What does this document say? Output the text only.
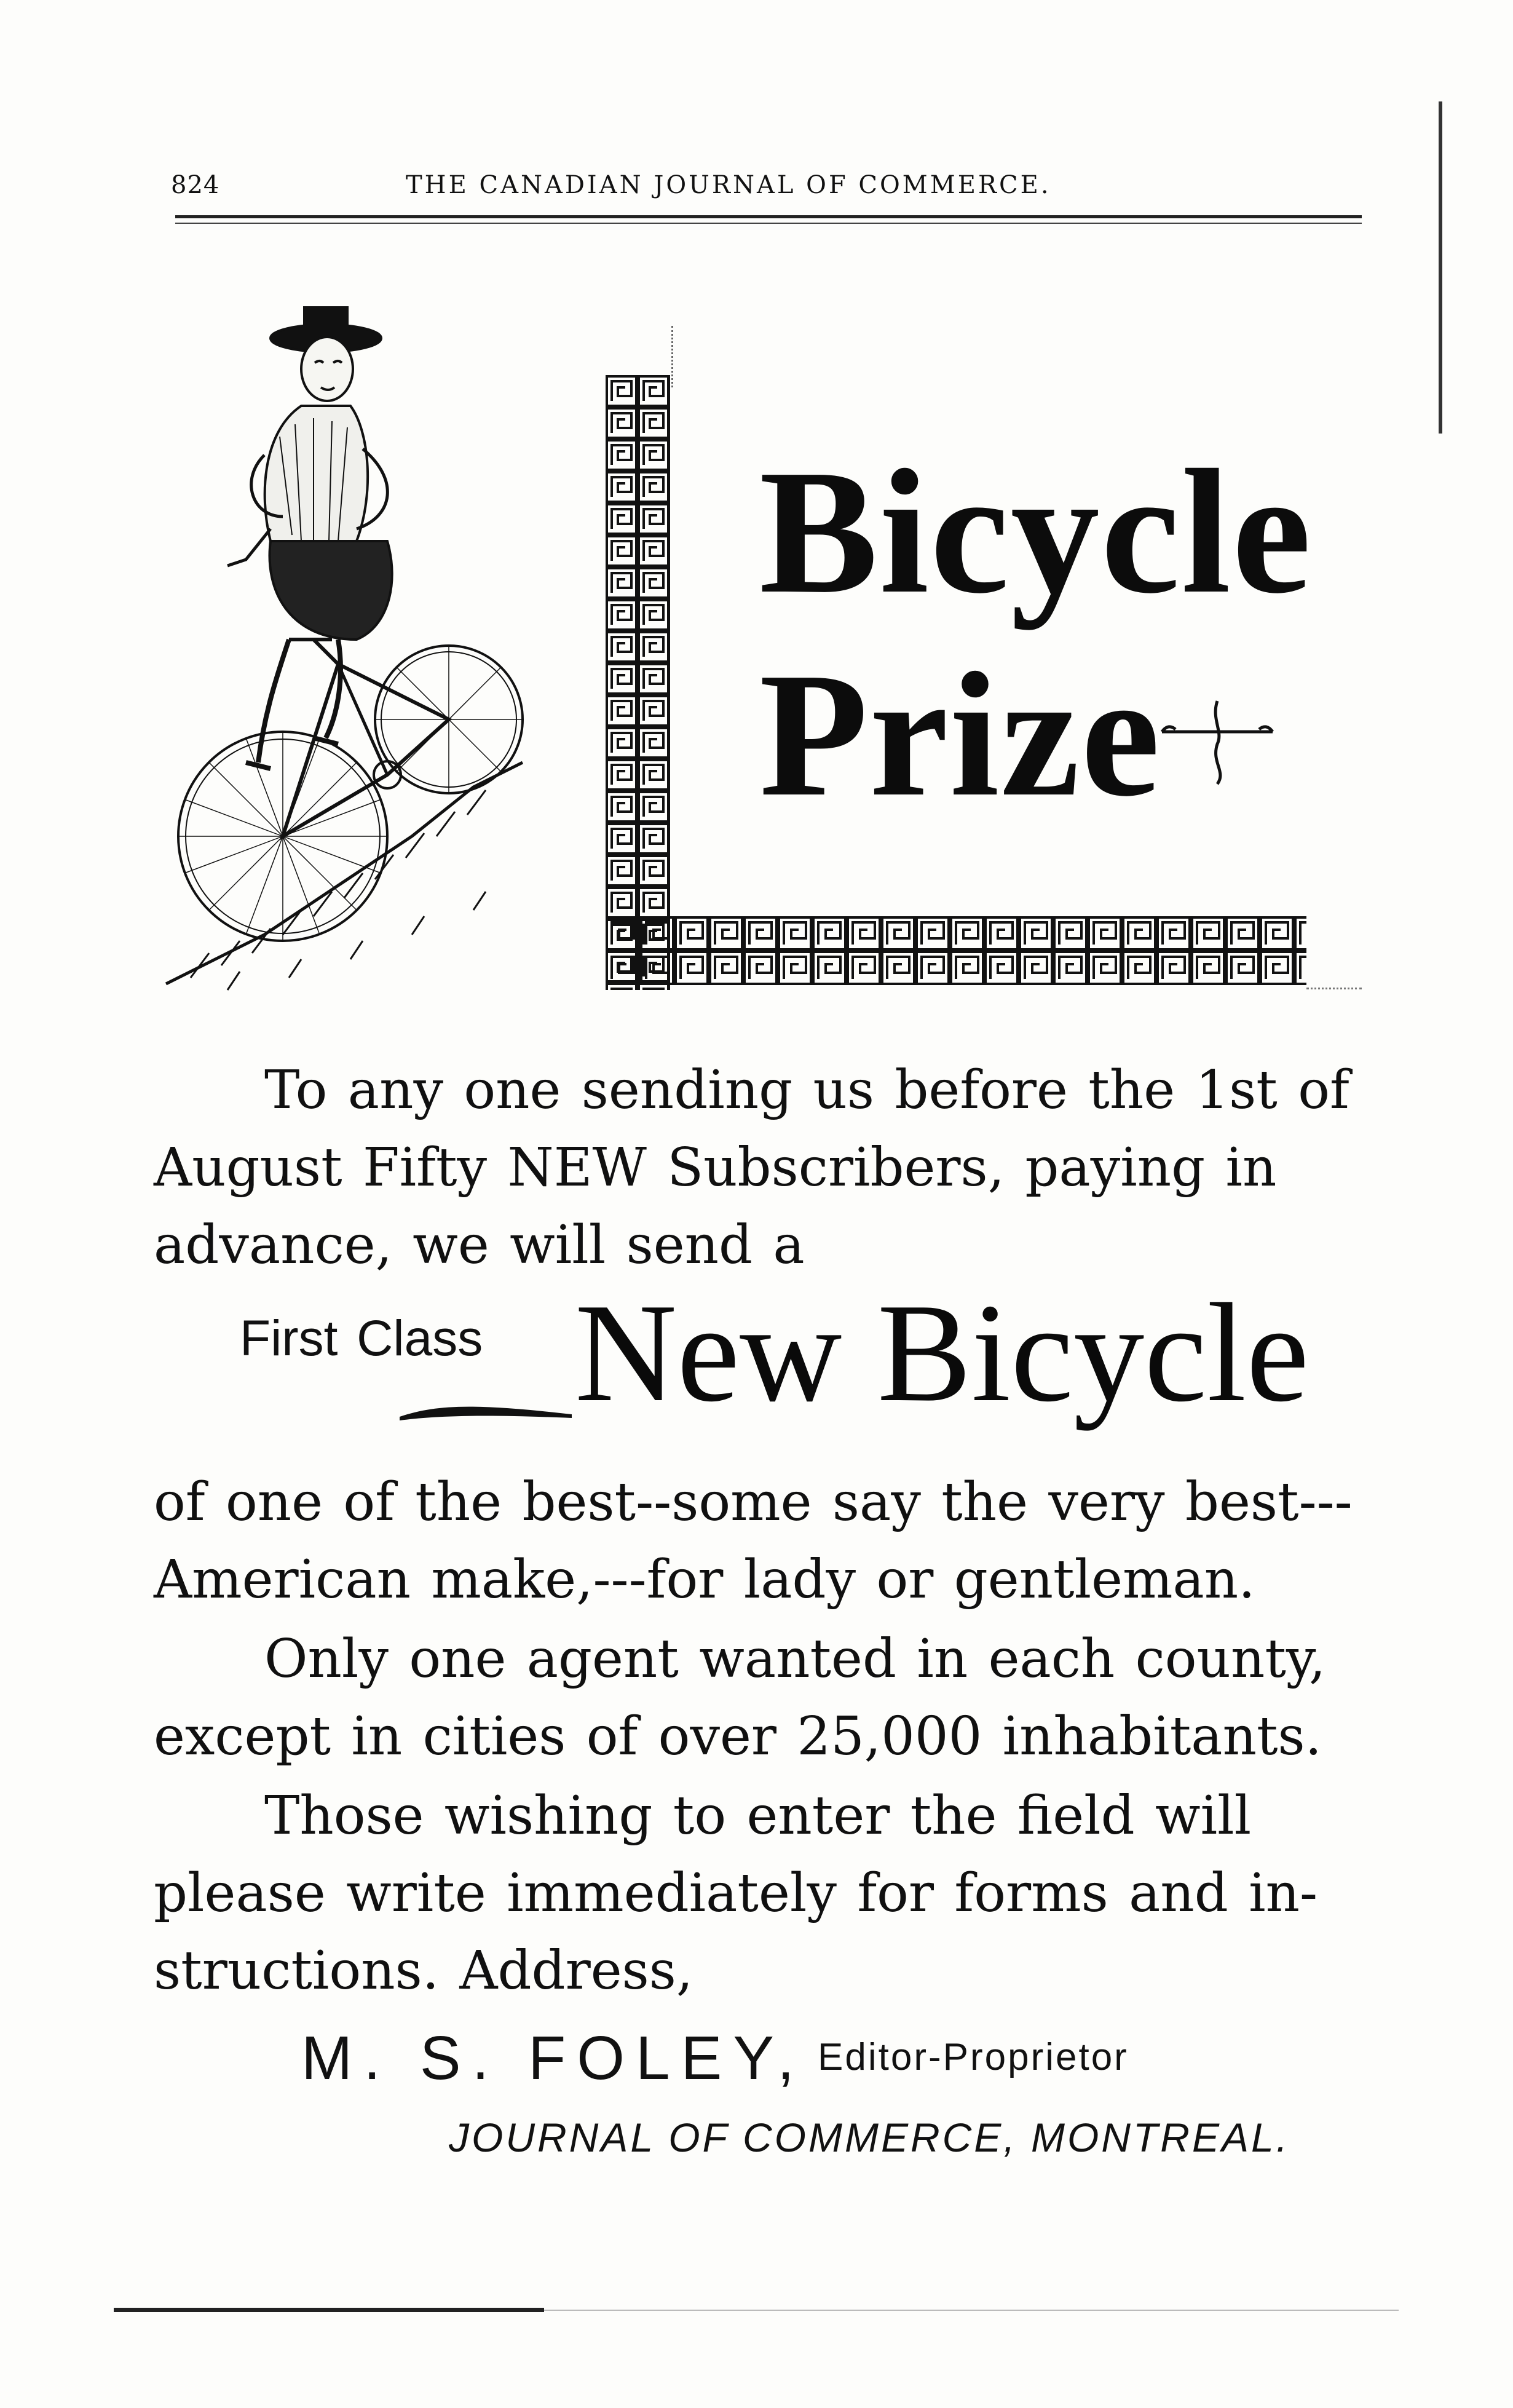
824	THE CANADIAN JOURNAL OF COMMERCE.
Bicycle
Prize
To any one sending us before the 1st of
August Fifty NEW Subscribers, paying in
advance, we will send a
First Class New Bicycle
of one of the best--some say the very best---
American make,---for lady or gentleman.
Only one agent wanted in each county,
except in cities of over 25,000 inhabitants.
Those wishing to enter the field will
please write immediately for forms and in-
structions. Address,
M. S. FOLEY, Editor-Proprietor
JOURNAL OF COMMERCE, MONTREAL.
